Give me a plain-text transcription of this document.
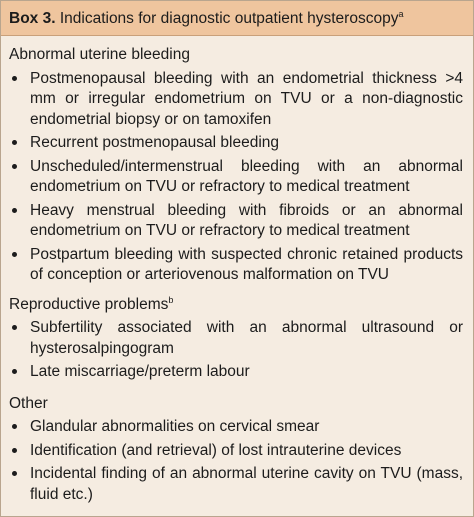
Box 3. Indications for diagnostic outpatient hysteroscopy$^a$

Abnormal uterine bleeding

Postmenopausal bleeding with an endometrial thickness >4 mm or irregular endometrium on TVU or a non-diagnostic endometrial biopsy or on tamoxifen
Recurrent postmenopausal bleeding
Unscheduled/intermenstrual bleeding with an abnormal endometrium on TVU or refractory to medical treatment
Heavy menstrual bleeding with fibroids or an abnormal endometrium on TVU or refractory to medical treatment
Postpartum bleeding with suspected chronic retained products of conception or arteriovenous malformation on TVU

Reproductive problems$^b$

Subfertility associated with an abnormal ultrasound or hysterosalpingogram
Late miscarriage/preterm labour

Other

Glandular abnormalities on cervical smear
Identification (and retrieval) of lost intrauterine devices
Incidental finding of an abnormal uterine cavity on TVU (mass, fluid etc.)
